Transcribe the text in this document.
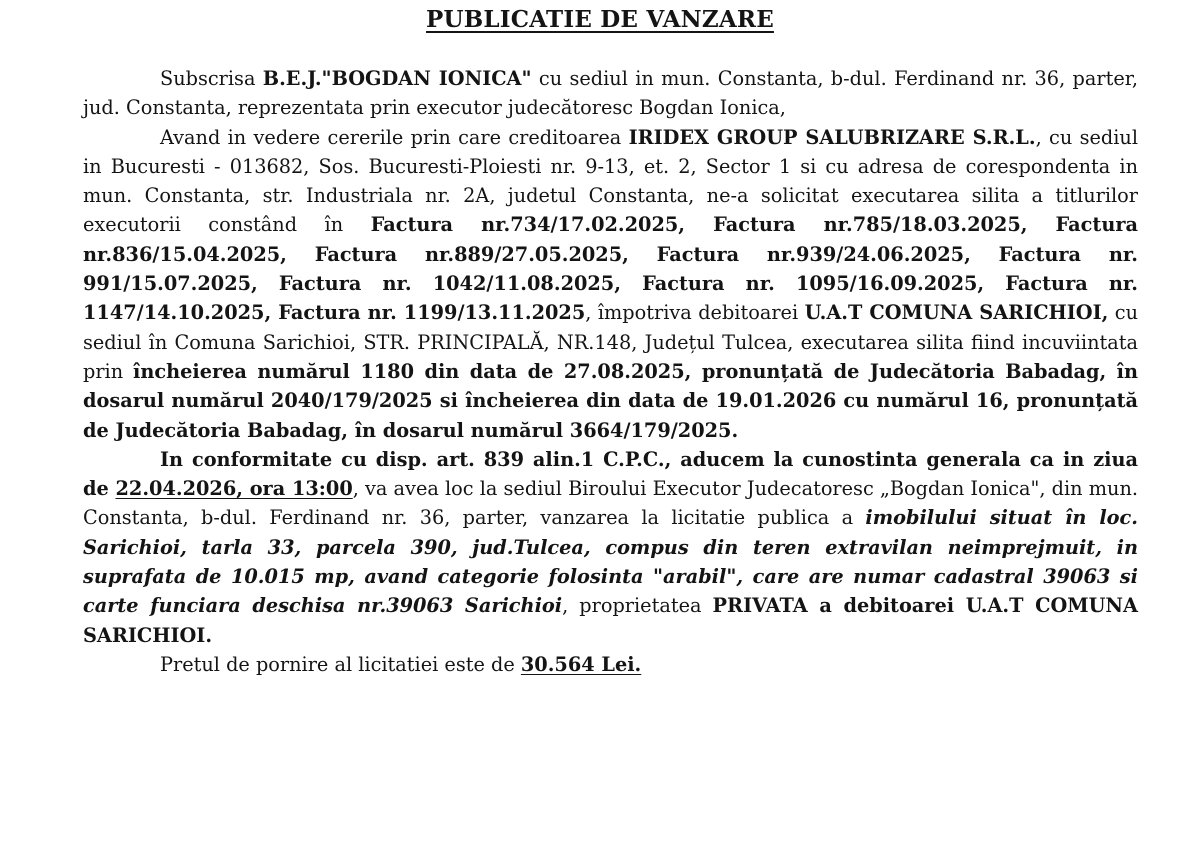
PUBLICATIE DE VANZARE

Subscrisa B.E.J."BOGDAN IONICA" cu sediul in mun. Constanta, b-dul. Ferdinand nr. 36, parter, jud. Constanta, reprezentata prin executor judecătoresc Bogdan Ionica,

Avand in vedere cererile prin care creditoarea IRIDEX GROUP SALUBRIZARE S.R.L., cu sediul in Bucuresti - 013682, Sos. Bucuresti-Ploiesti nr. 9-13, et. 2, Sector 1 si cu adresa de corespondenta in mun. Constanta, str. Industriala nr. 2A, judetul Constanta, ne-a solicitat executarea silita a titlurilor executorii constând în Factura nr.734/17.02.2025, Factura nr.785/18.03.2025, Factura nr.836/15.04.2025, Factura nr.889/27.05.2025, Factura nr.939/24.06.2025, Factura nr. 991/15.07.2025, Factura nr. 1042/11.08.2025, Factura nr. 1095/16.09.2025, Factura nr. 1147/14.10.2025, Factura nr. 1199/13.11.2025, împotriva debitoarei U.A.T COMUNA SARICHIOI, cu sediul în Comuna Sarichioi, STR. PRINCIPALĂ, NR.148, Județul Tulcea, executarea silita fiind incuviintata prin încheierea numărul 1180 din data de 27.08.2025, pronunțată de Judecătoria Babadag, în dosarul numărul 2040/179/2025 si încheierea din data de 19.01.2026 cu numărul 16, pronunțată de Judecătoria Babadag, în dosarul numărul 3664/179/2025.

In conformitate cu disp. art. 839 alin.1 C.P.C., aducem la cunostinta generala ca in ziua de 22.04.2026, ora 13:00, va avea loc la sediul Biroului Executor Judecatoresc „Bogdan Ionica", din mun. Constanta, b-dul. Ferdinand nr. 36, parter, vanzarea la licitatie publica a imobilului situat în loc. Sarichioi, tarla 33, parcela 390, jud.Tulcea, compus din teren extravilan neimprejmuit, in suprafata de 10.015 mp, avand categorie folosinta "arabil", care are numar cadastral 39063 si carte funciara deschisa nr.39063 Sarichioi, proprietatea PRIVATA a debitoarei U.A.T COMUNA SARICHIOI.

Pretul de pornire al licitatiei este de 30.564 Lei.
